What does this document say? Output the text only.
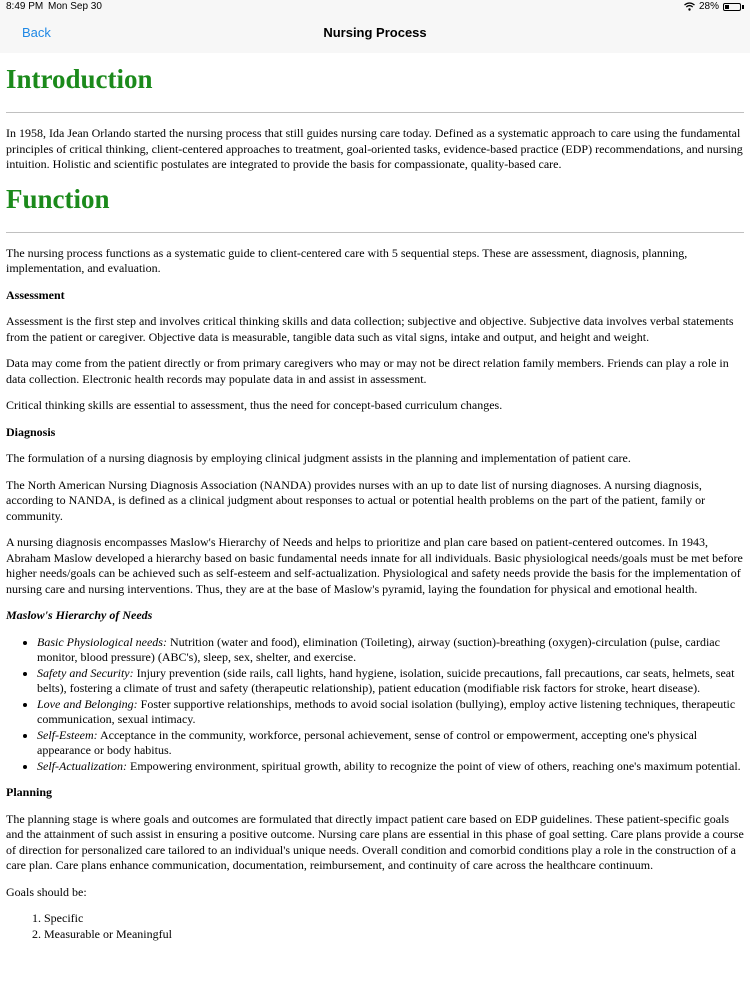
8:49 PM Mon Sep 30	28%
Back	Nursing Process
Introduction

In 1958, Ida Jean Orlando started the nursing process that still guides nursing care today. Defined as a systematic approach to care using the fundamental principles of critical thinking, client-centered approaches to treatment, goal-oriented tasks, evidence-based practice (EDP) recommendations, and nursing intuition. Holistic and scientific postulates are integrated to provide the basis for compassionate, quality-based care.

Function

The nursing process functions as a systematic guide to client-centered care with 5 sequential steps. These are assessment, diagnosis, planning, implementation, and evaluation.

Assessment

Assessment is the first step and involves critical thinking skills and data collection; subjective and objective. Subjective data involves verbal statements from the patient or caregiver. Objective data is measurable, tangible data such as vital signs, intake and output, and height and weight.

Data may come from the patient directly or from primary caregivers who may or may not be direct relation family members. Friends can play a role in data collection. Electronic health records may populate data in and assist in assessment.

Critical thinking skills are essential to assessment, thus the need for concept-based curriculum changes.

Diagnosis

The formulation of a nursing diagnosis by employing clinical judgment assists in the planning and implementation of patient care.

The North American Nursing Diagnosis Association (NANDA) provides nurses with an up to date list of nursing diagnoses. A nursing diagnosis, according to NANDA, is defined as a clinical judgment about responses to actual or potential health problems on the part of the patient, family or community.

A nursing diagnosis encompasses Maslow's Hierarchy of Needs and helps to prioritize and plan care based on patient-centered outcomes. In 1943, Abraham Maslow developed a hierarchy based on basic fundamental needs innate for all individuals. Basic physiological needs/goals must be met before higher needs/goals can be achieved such as self-esteem and self-actualization. Physiological and safety needs provide the basis for the implementation of nursing care and nursing interventions. Thus, they are at the base of Maslow's pyramid, laying the foundation for physical and emotional health.

Maslow's Hierarchy of Needs
• Basic Physiological needs: Nutrition (water and food), elimination (Toileting), airway (suction)-breathing (oxygen)-circulation (pulse, cardiac monitor, blood pressure) (ABC's), sleep, sex, shelter, and exercise.
• Safety and Security: Injury prevention (side rails, call lights, hand hygiene, isolation, suicide precautions, fall precautions, car seats, helmets, seat belts), fostering a climate of trust and safety (therapeutic relationship), patient education (modifiable risk factors for stroke, heart disease).
• Love and Belonging: Foster supportive relationships, methods to avoid social isolation (bullying), employ active listening techniques, therapeutic communication, sexual intimacy.
• Self-Esteem: Acceptance in the community, workforce, personal achievement, sense of control or empowerment, accepting one's physical appearance or body habitus.
• Self-Actualization: Empowering environment, spiritual growth, ability to recognize the point of view of others, reaching one's maximum potential.
Planning

The planning stage is where goals and outcomes are formulated that directly impact patient care based on EDP guidelines. These patient-specific goals and the attainment of such assist in ensuring a positive outcome. Nursing care plans are essential in this phase of goal setting. Care plans provide a course of direction for personalized care tailored to an individual's unique needs. Overall condition and comorbid conditions play a role in the construction of a care plan. Care plans enhance communication, documentation, reimbursement, and continuity of care across the healthcare continuum.

Goals should be:

1. Specific
2. Measurable or Meaningful
